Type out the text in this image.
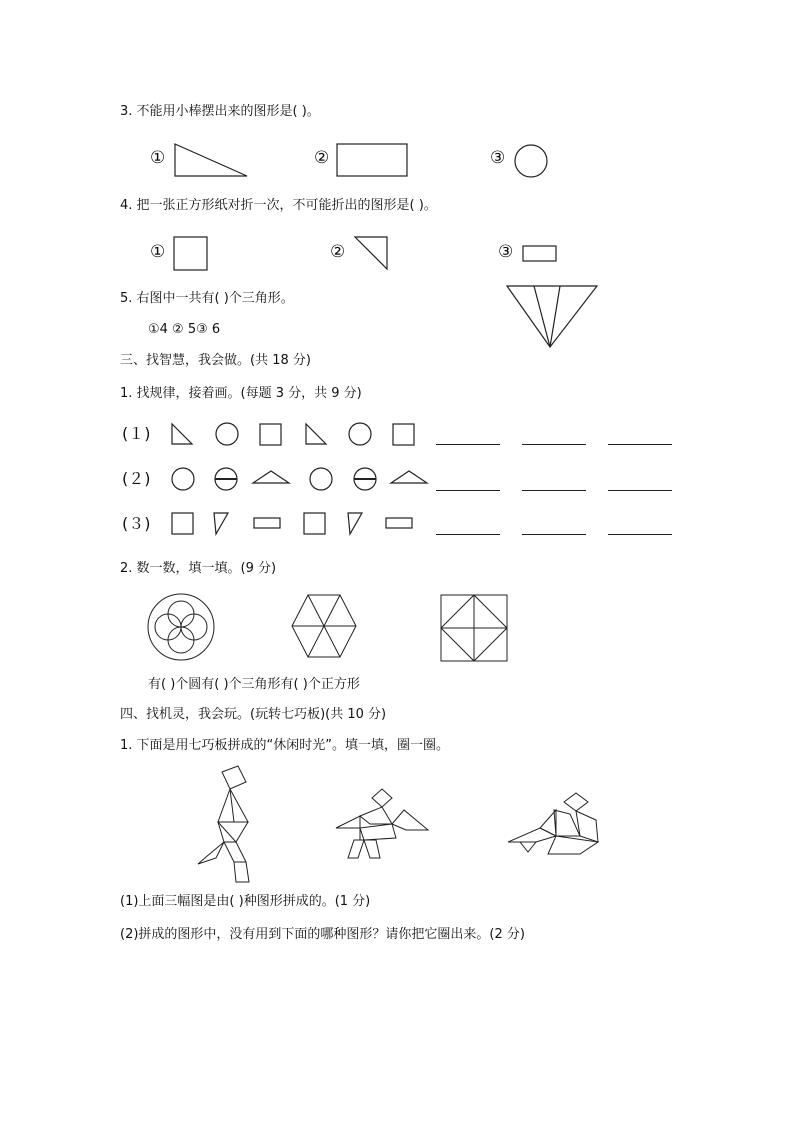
3. 不能用小棒摆出来的图形是( )。
①	②	③
4. 把一张正方形纸对折一次，不可能折出的图形是( )。
①	②	③
5. 右图中一共有( )个三角形。
①4 ② 5③ 6
三、找智慧，我会做。(共 18 分)
1. 找规律，接着画。(每题 3 分，共 9 分)
(１)
(２)
(３)
2. 数一数，填一填。(9 分)
有( )个圆有( )个三角形有( )个正方形
四、找机灵，我会玩。(玩转七巧板)(共 10 分)
1. 下面是用七巧板拼成的“休闲时光”。填一填，圈一圈。
(1)上面三幅图是由( )种图形拼成的。(1 分)
(2)拼成的图形中，没有用到下面的哪种图形？请你把它圈出来。(2 分)
